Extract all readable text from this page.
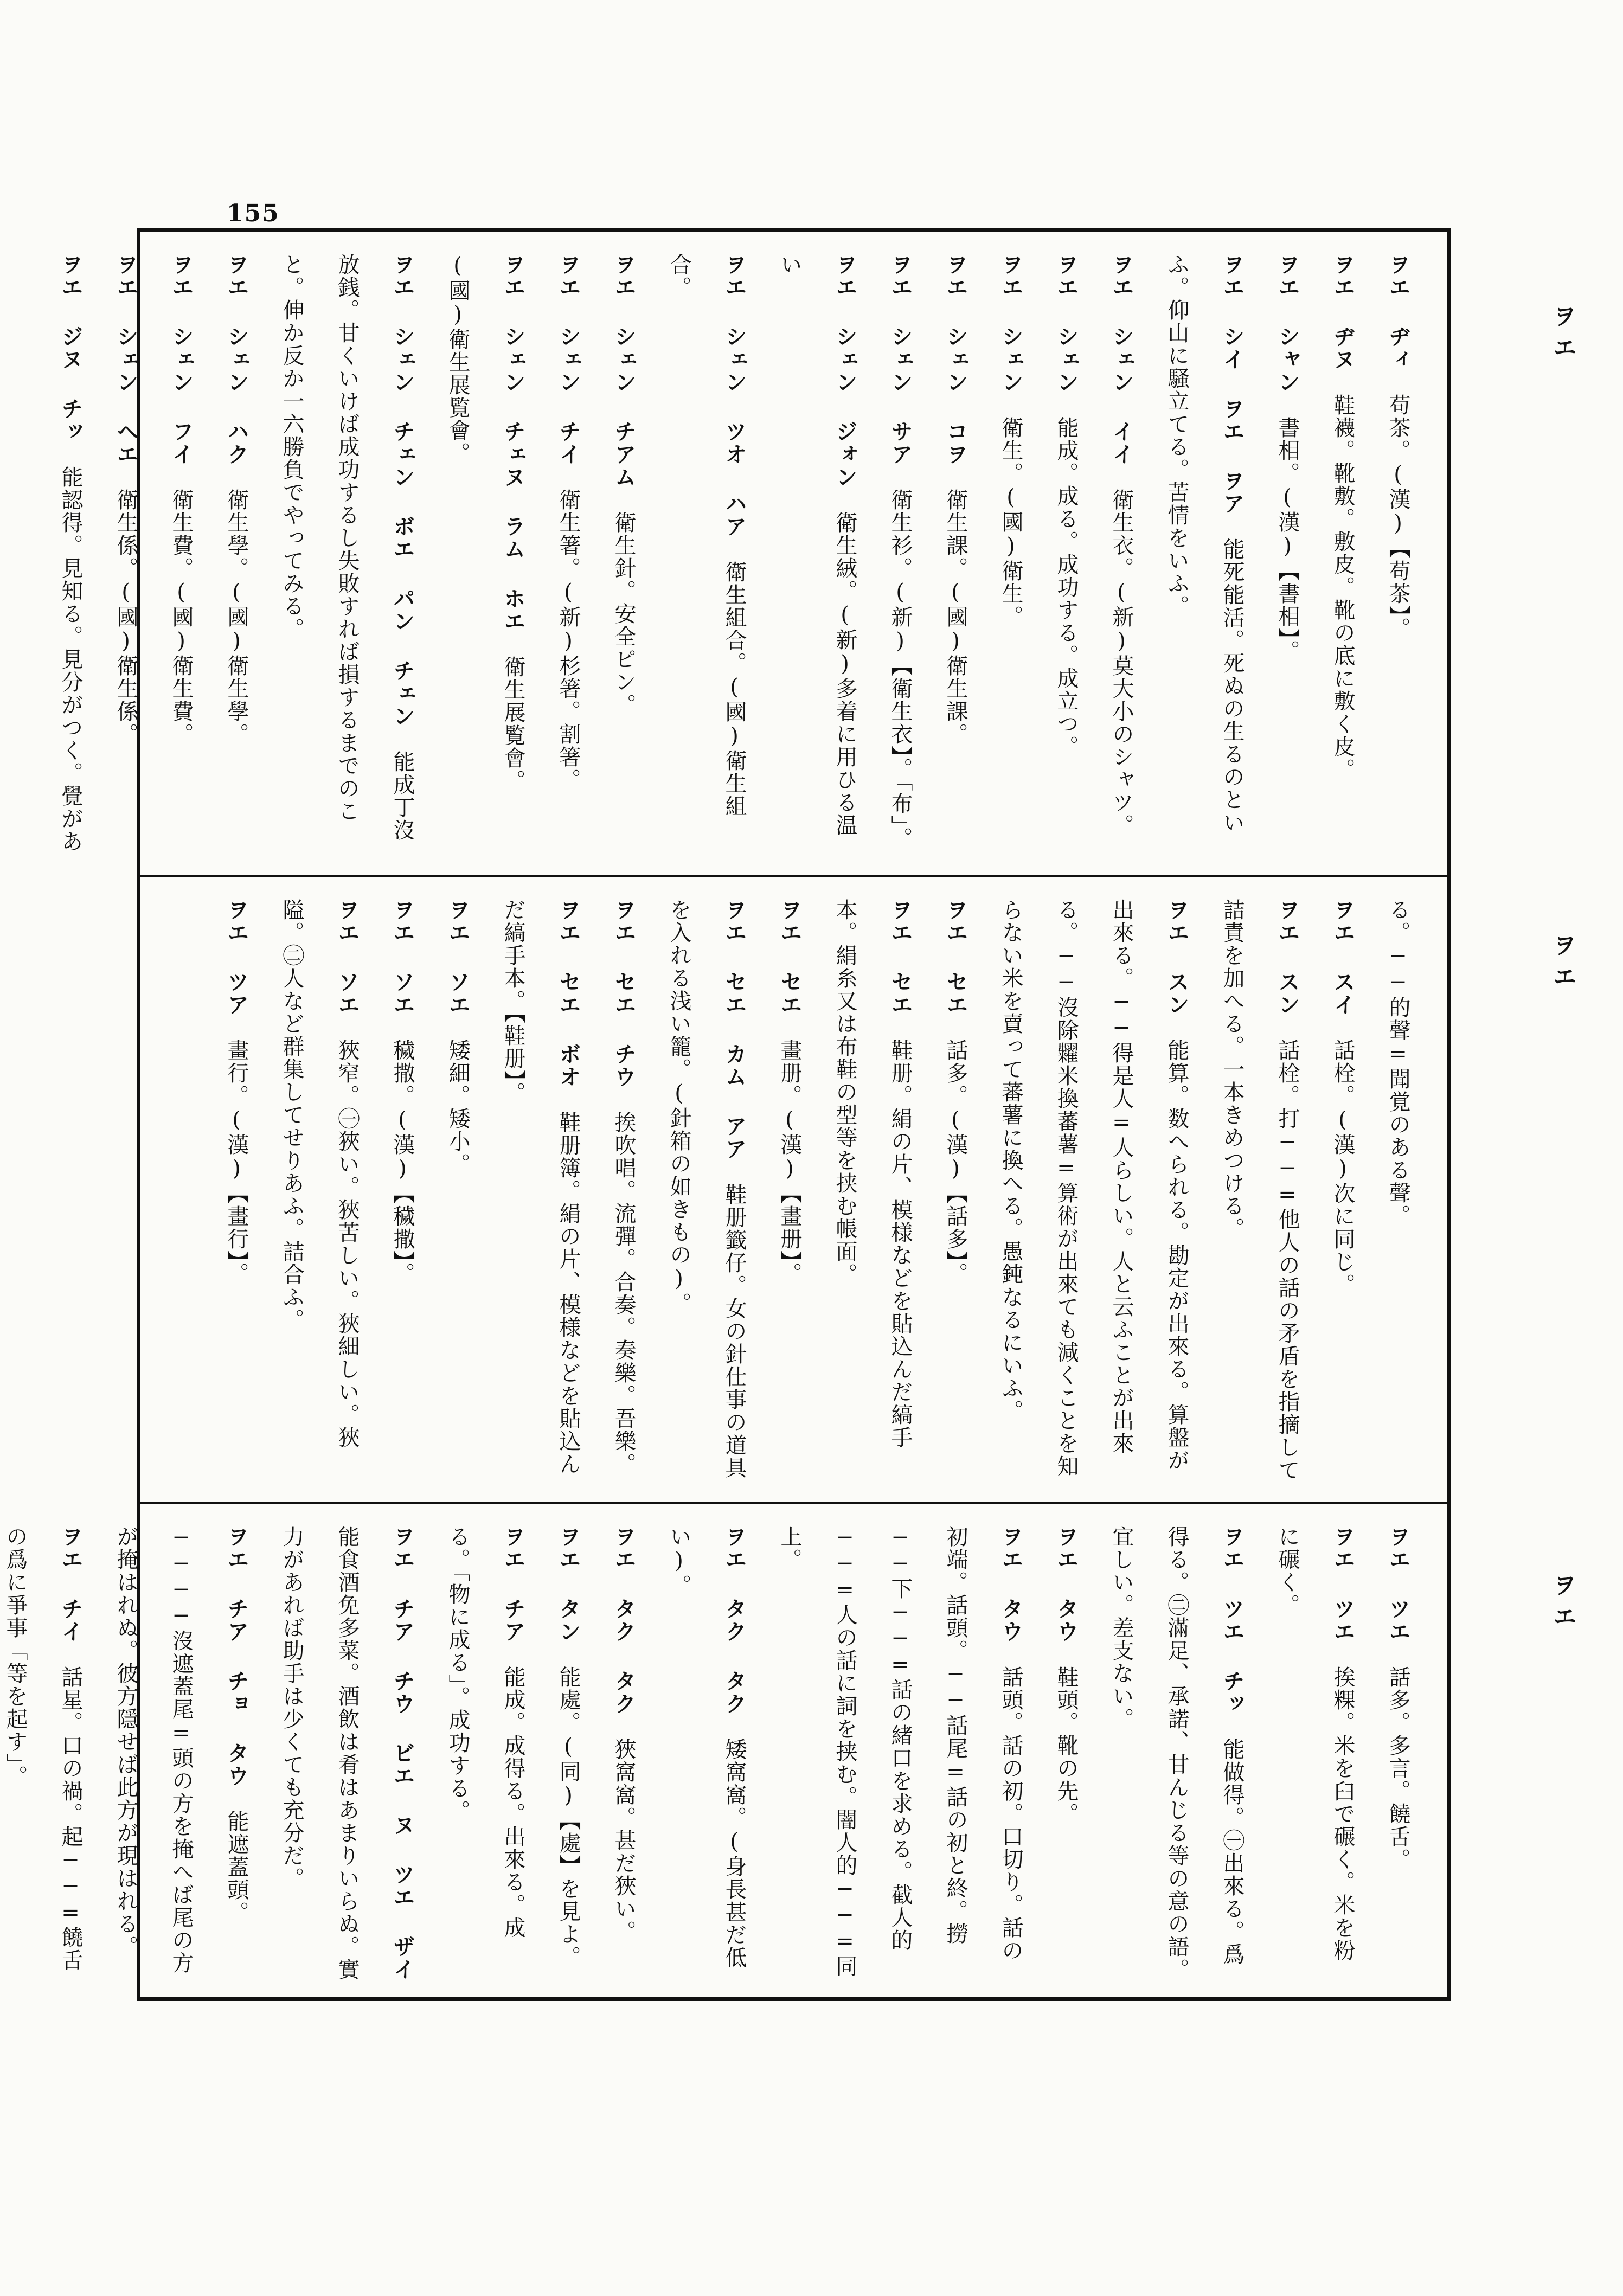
155
ヲエ
ヲエ
ヲエ
ヲエ ヂィ　苟茶。(漢)【苟茶】。
ヲエ ヂヌ　鞋襪。靴敷。敷皮。靴の底に敷く皮。
ヲエ シャン　書相。(漢)【書相】。
ヲエ シイ ヲエ ヲア　能死能活。死ぬの生るのといふ。仰山に騒立てる。苦情をいふ。
ヲエ シェン イイ　衛生衣。(新)莫大小のシャツ。
ヲエ シェン　能成。成る。成功する。成立つ。
ヲエ シェン　衛生。(國)衛生。
ヲエ シェン コヲ　衛生課。(國)衛生課。
ヲエ シェン サア　衛生衫。(新)【衛生衣】。「布」。
ヲエ シェン ジォン　衛生絨。(新)多着に用ひる温い
ヲエ シェン ツオ ハア　衛生組合。(國)衛生組合。
ヲエ シェン チアム　衛生針。安全ピン。
ヲエ シェン チイ　衛生箸。(新)杉箸。割箸。
ヲエ シェン チェヌ ラム ホエ　衛生展覧會。(國)衛生展覧會。
ヲエ シェン チェン ボエ パン チェン　能成丁沒放銭。甘くいけば成功するし失敗すれば損するまでのこと。伸か反か一六勝負でやってみる。
ヲエ シェン ハク　衛生學。(國)衛生學。
ヲエ シェン フイ　衛生費。(國)衛生費。
ヲエ シェン ヘエ　衛生係。(國)衛生係。
ヲエ ジヌ チッ　能認得。見知る。見分がつく。覺があ
る。──的聲=聞覚のある聲。
ヲエ スイ　話栓。(漢)次に同じ。
ヲエ スン　話栓。打──=他人の話の矛盾を指摘して詰責を加へる。一本きめつける。
ヲエ スン　能算。数へられる。勘定が出來る。算盤が出來る。──得是人=人らしい。人と云ふことが出來る。──沒除糶米換蕃薯=算術が出來ても減くことを知らない米を賣って蕃薯に換へる。愚鈍なるにいふ。
ヲエ セエ　話多。(漢)【話多】。
ヲエ セエ　鞋册。絹の片、模様などを貼込んだ縞手本。絹糸又は布鞋の型等を挟む帳面。
ヲエ セエ　畫册。(漢)【畫册】。
ヲエ セエ カム アア　鞋册籤仔。女の針仕事の道具を入れる浅い籠。(針箱の如きもの)。
ヲエ セエ チウ　挨吹唱。流彈。合奏。奏樂。吾樂。
ヲエ セエ ボオ　鞋册簿。絹の片、模様などを貼込んだ縞手本。【鞋册】。
ヲエ ソエ　矮細。矮小。
ヲエ ソエ　穢撒。(漢)【穢撒】。
ヲエ ソエ　狹窄。㊀狹い。狹苦しい。狹細しい。狹隘。㊁人など群集してせりあふ。詰合ふ。
ヲエ ツア　畫行。(漢)【畫行】。
ヲエ ツエ　話多。多言。饒舌。
ヲエ ツエ　挨粿。米を臼で碾く。米を粉に碾く。
ヲエ ツエ チッ　能做得。㊀出來る。爲得る。㊁滿足、承諾、甘んじる等の意の語。宜しい。差支ない。
ヲエ タウ　鞋頭。靴の先。
ヲエ タウ　話頭。話の初。口切り。話の初端。話頭。──話尾=話の初と終。撈──下──=話の緒口を求める。截人的──=人の話に詞を挟む。闇人的──=同上。
ヲエ タク タク　矮窩窩。(身長甚だ低い)。
ヲエ タク タク　狹窩窩。甚だ狹い。
ヲエ タン　能處。(同)【處】を見よ。
ヲエ チア　能成。成得る。出來る。成る。「物に成る」。成功する。
ヲエ チア チウ ビエ ヌ ツエ ザイ　能食酒免多菜。酒飲は肴はあまりいらぬ。實力があれば助手は少くても充分だ。
ヲエ チア チョ タウ　能遮蓋頭。────沒遮蓋尾=頭の方を掩へば尾の方が掩はれぬ。彼方隱せば此方が現はれる。
ヲエ チイ　話星。口の禍。起──=饒舌の爲に爭事「等を起す」。
